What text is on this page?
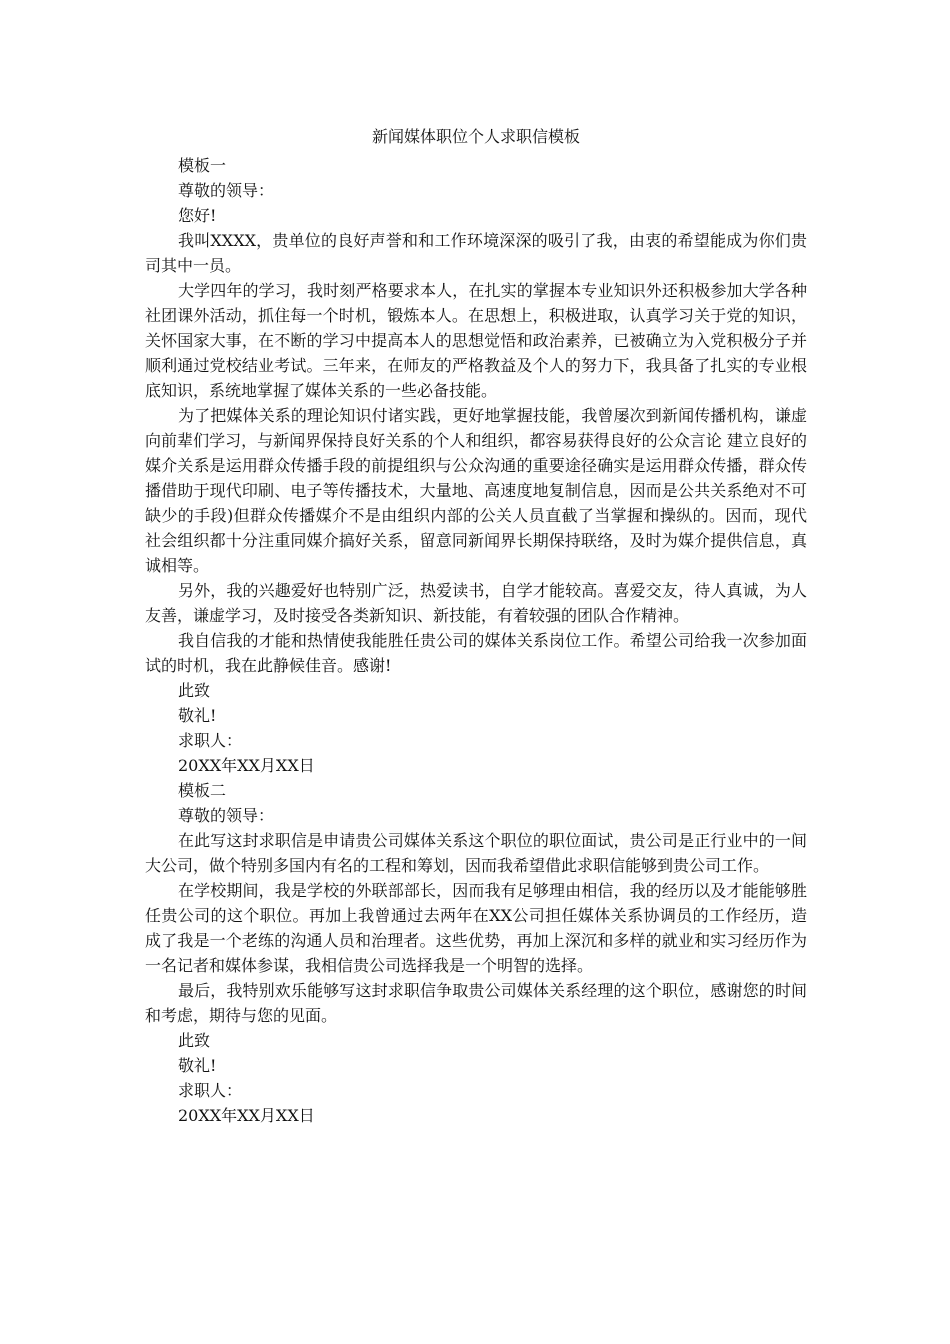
新闻媒体职位个人求职信模板
模板一
尊敬的领导：
您好!

我叫XXXX，贵单位的良好声誉和和工作环境深深的吸引了我，由衷的希望能成为你们贵司其中一员。

大学四年的学习，我时刻严格要求本人，在扎实的掌握本专业知识外还积极参加大学各种社团课外活动，抓住每一个时机，锻炼本人。在思想上，积极进取，认真学习关于党的知识，关怀国家大事，在不断的学习中提高本人的思想觉悟和政治素养，已被确立为入党积极分子并顺利通过党校结业考试。三年来，在师友的严格教益及个人的努力下，我具备了扎实的专业根底知识，系统地掌握了媒体关系的一些必备技能。

为了把媒体关系的理论知识付诸实践，更好地掌握技能，我曾屡次到新闻传播机构，谦虚向前辈们学习，与新闻界保持良好关系的个人和组织，都容易获得良好的公众言论 建立良好的媒介关系是运用群众传播手段的前提组织与公众沟通的重要途径确实是运用群众传播，群众传播借助于现代印刷、电子等传播技术，大量地、高速度地复制信息，因而是公共关系绝对不可缺少的手段)但群众传播媒介不是由组织内部的公关人员直截了当掌握和操纵的。因而，现代社会组织都十分注重同媒介搞好关系，留意同新闻界长期保持联络，及时为媒介提供信息，真诚相等。

另外，我的兴趣爱好也特别广泛，热爱读书，自学才能较高。喜爱交友，待人真诚，为人友善，谦虚学习，及时接受各类新知识、新技能，有着较强的团队合作精神。

我自信我的才能和热情使我能胜任贵公司的媒体关系岗位工作。希望公司给我一次参加面试的时机，我在此静候佳音。感谢!

此致
敬礼!
求职人：
20XX年XX月XX日
模板二
尊敬的领导：

在此写这封求职信是申请贵公司媒体关系这个职位的职位面试，贵公司是正行业中的一间大公司，做个特别多国内有名的工程和筹划，因而我希望借此求职信能够到贵公司工作。

在学校期间，我是学校的外联部部长，因而我有足够理由相信，我的经历以及才能能够胜任贵公司的这个职位。再加上我曾通过去两年在XX公司担任媒体关系协调员的工作经历，造成了我是一个老练的沟通人员和治理者。这些优势，再加上深沉和多样的就业和实习经历作为一名记者和媒体参谋，我相信贵公司选择我是一个明智的选择。

最后，我特别欢乐能够写这封求职信争取贵公司媒体关系经理的这个职位，感谢您的时间和考虑，期待与您的见面。

此致
敬礼!
求职人：
20XX年XX月XX日
